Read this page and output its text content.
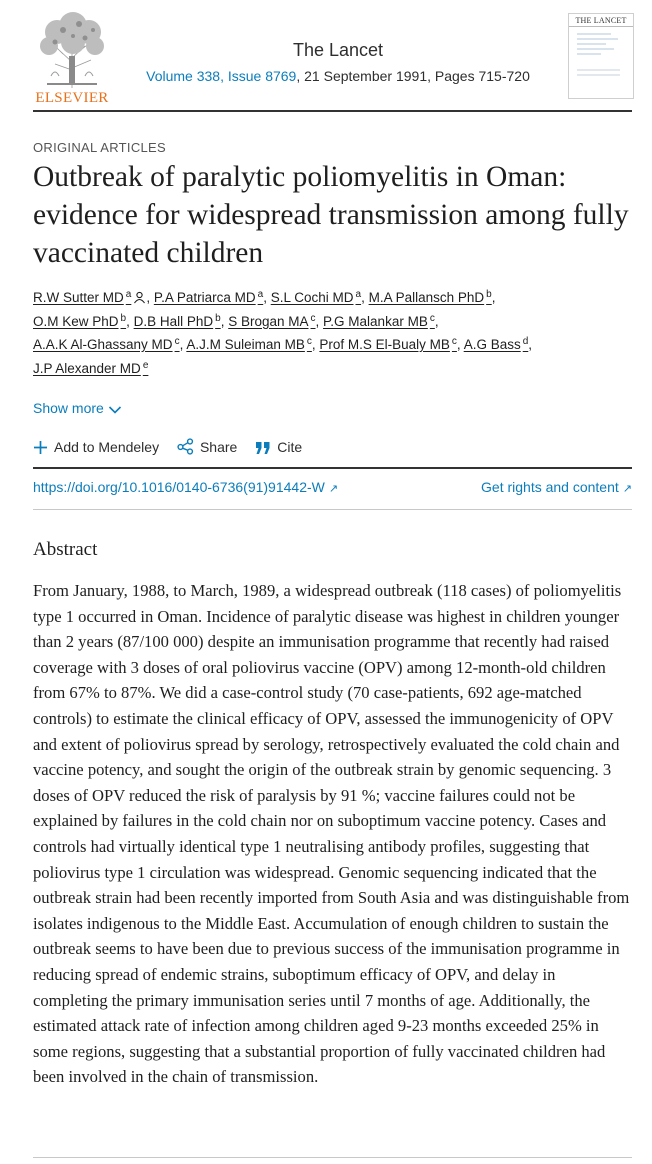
ELSEVIER
The Lancet
Volume 338, Issue 8769, 21 September 1991, Pages 715-720
THE LANCET
ORIGINAL ARTICLES
Outbreak of paralytic poliomyelitis in Oman: evidence for widespread transmission among fully vaccinated children
R.W Sutter MD $^a$ , P.A Patriarca MD $^a$, S.L Cochi MD $^a$, M.A Pallansch PhD $^b$,
O.M Kew PhD $^b$, D.B Hall PhD $^b$, S Brogan MA $^c$, P.G Malankar MB $^c$,
A.A.K Al-Ghassany MD $^c$, A.J.M Suleiman MB $^c$, Prof M.S El-Bualy MB $^c$, A.G Bass $^d$,
J.P Alexander MD $^e$
Show more
Add to Mendeley	Share	Cite
https://doi.org/10.1016/0140-6736(91)91442-W ↗	Get rights and content ↗
Abstract

From January, 1988, to March, 1989, a widespread outbreak (118 cases) of poliomyelitis type 1 occurred in Oman. Incidence of paralytic disease was highest in children younger than 2 years (87/100 000) despite an immunisation programme that recently had raised coverage with 3 doses of oral poliovirus vaccine (OPV) among 12-month-old children from 67% to 87%. We did a case-control study (70 case-patients, 692 age-matched controls) to estimate the clinical efficacy of OPV, assessed the immunogenicity of OPV and extent of poliovirus spread by serology, retrospectively evaluated the cold chain and vaccine potency, and sought the origin of the outbreak strain by genomic sequencing. 3 doses of OPV reduced the risk of paralysis by 91 %; vaccine failures could not be explained by failures in the cold chain nor on suboptimum vaccine potency. Cases and controls had virtually identical type 1 neutralising antibody profiles, suggesting that poliovirus type 1 circulation was widespread. Genomic sequencing indicated that the outbreak strain had been recently imported from South Asia and was distinguishable from isolates indigenous to the Middle East. Accumulation of enough children to sustain the outbreak seems to have been due to previous success of the immunisation programme in reducing spread of endemic strains, suboptimum efficacy of OPV, and delay in completing the primary immunisation series until 7 months of age. Additionally, the estimated attack rate of infection among children aged 9-23 months exceeded 25% in some regions, suggesting that a substantial proportion of fully vaccinated children had been involved in the chain of transmission.
